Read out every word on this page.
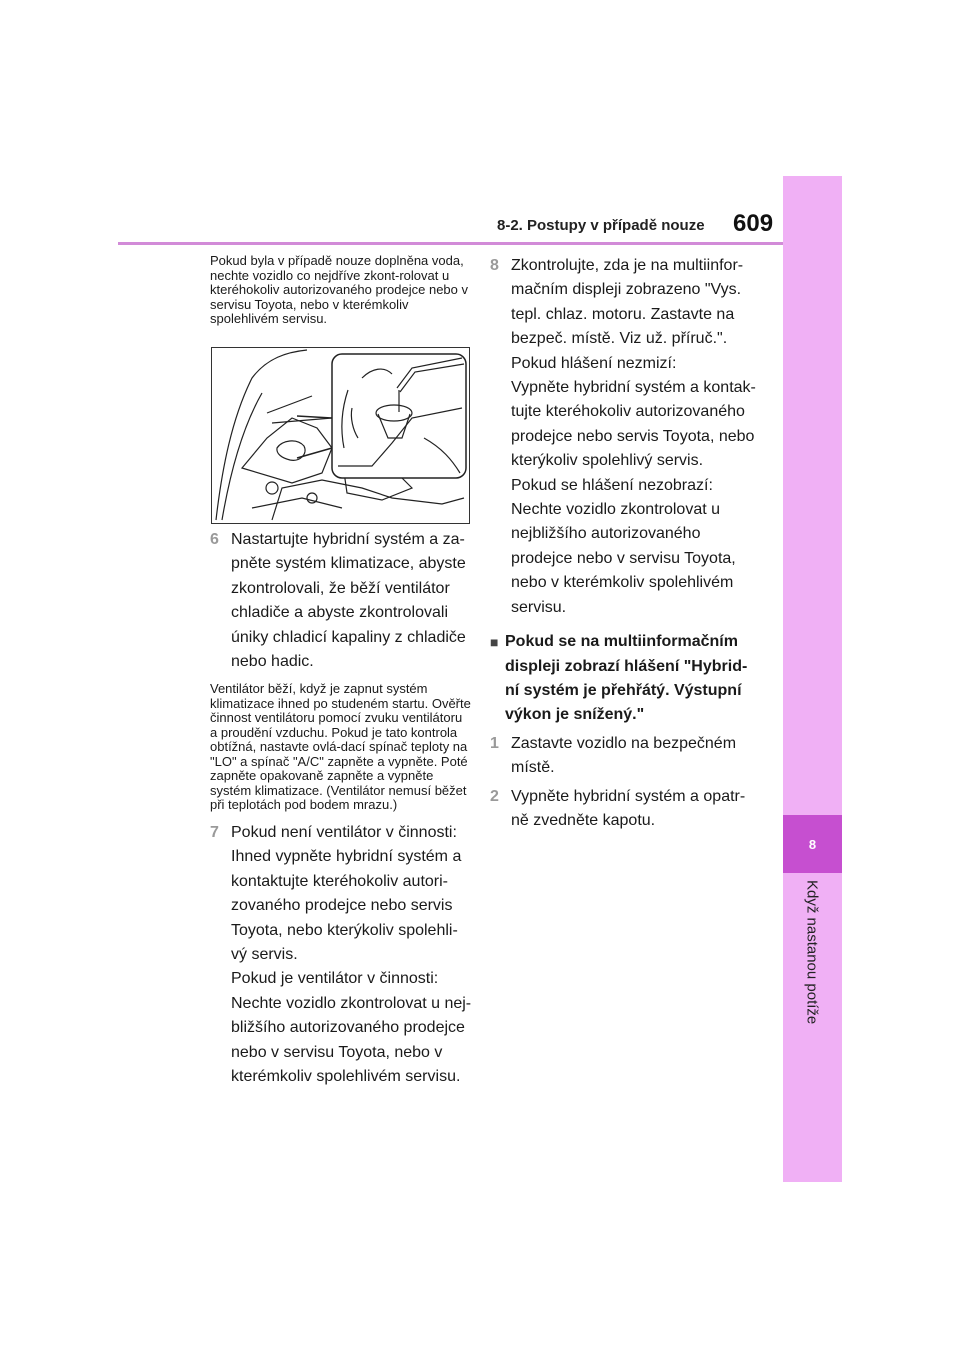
8
Když nastanou potíže
8-2. Postupy v případě nouze 609

Pokud byla v případě nouze doplněna voda, nechte vozidlo co nejdříve zkont-rolovat u kteréhokoliv autorizovaného prodejce nebo v servisu Toyota, nebo v kterémkoliv spolehlivém servisu.

6 Nastartujte hybridní systém a za-pněte systém klimatizace, abyste zkontrolovali, že běží ventilátor chladiče a abyste zkontrolovali úniky chladicí kapaliny z chladiče nebo hadic.

Ventilátor běží, když je zapnut systém klimatizace ihned po studeném startu. Ověřte činnost ventilátoru pomocí zvuku ventilátoru a proudění vzduchu. Pokud je tato kontrola obtížná, nastavte ovlá-dací spínač teploty na "LO" a spínač "A/C" zapněte a vypněte. Poté zapněte opakovaně zapněte a vypněte systém klimatizace. (Ventilátor nemusí běžet při teplotách pod bodem mrazu.)

7 Pokud není ventilátor v činnosti:
Ihned vypněte hybridní systém a kontaktujte kteréhokoliv autori-zovaného prodejce nebo servis Toyota, nebo kterýkoliv spolehli-vý servis.
Pokud je ventilátor v činnosti:
Nechte vozidlo zkontrolovat u nej-bližšího autorizovaného prodejce nebo v servisu Toyota, nebo v kterémkoliv spolehlivém servisu.
8 Zkontrolujte, zda je na multiinfor-mačním displeji zobrazeno "Vys. tepl. chlaz. motoru. Zastavte na bezpeč. místě. Viz už. příruč.".
Pokud hlášení nezmizí:
Vypněte hybridní systém a kontak-tujte kteréhokoliv autorizovaného prodejce nebo servis Toyota, nebo kterýkoliv spolehlivý servis.
Pokud se hlášení nezobrazí:
Nechte vozidlo zkontrolovat u nejbližšího autorizovaného prodejce nebo v servisu Toyota, nebo v kterémkoliv spolehlivém servisu.
■ Pokud se na multiinformačním displeji zobrazí hlášení "Hybrid-ní systém je přehřátý. Výstupní výkon je snížený."
1 Zastavte vozidlo na bezpečném místě.
2 Vypněte hybridní systém a opatr-ně zvedněte kapotu.
